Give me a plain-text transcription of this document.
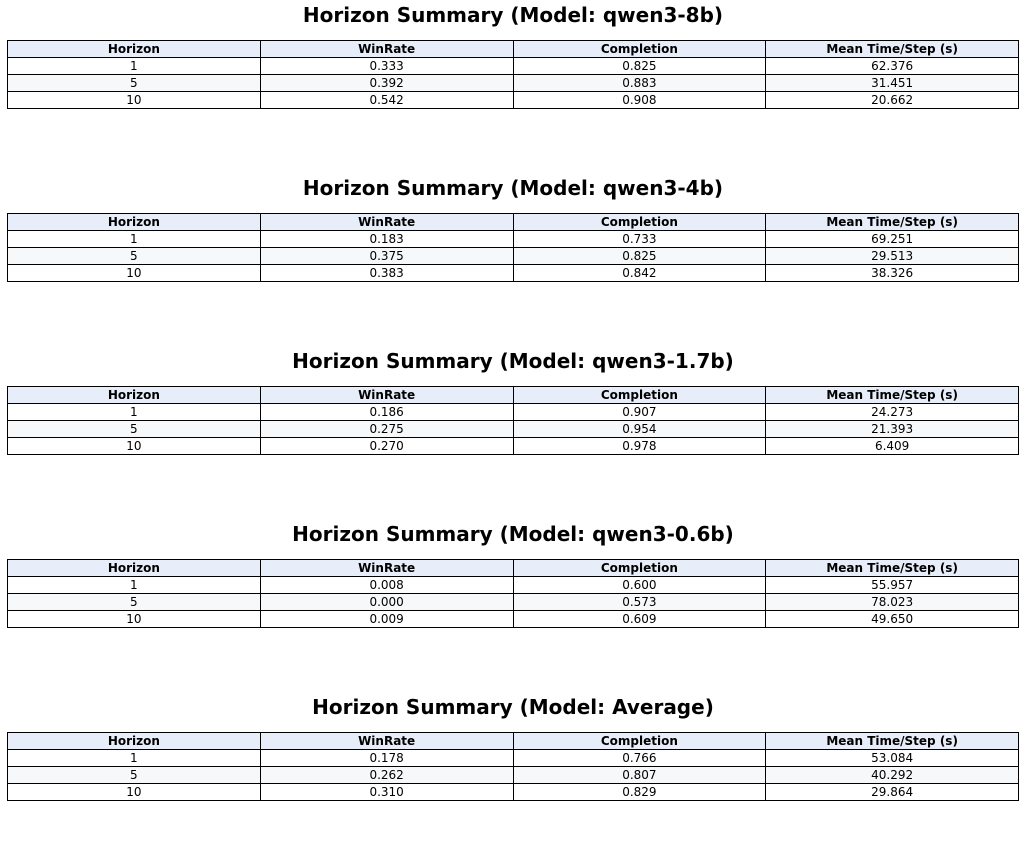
Horizon Summary (Model: qwen3-8b)
Horizon	WinRate	Completion	Mean Time/Step (s)
1	0.333	0.825	62.376
5	0.392	0.883	31.451
10	0.542	0.908	20.662
Horizon Summary (Model: qwen3-4b)
Horizon	WinRate	Completion	Mean Time/Step (s)
1	0.183	0.733	69.251
5	0.375	0.825	29.513
10	0.383	0.842	38.326
Horizon Summary (Model: qwen3-1.7b)
Horizon	WinRate	Completion	Mean Time/Step (s)
1	0.186	0.907	24.273
5	0.275	0.954	21.393
10	0.270	0.978	6.409
Horizon Summary (Model: qwen3-0.6b)
Horizon	WinRate	Completion	Mean Time/Step (s)
1	0.008	0.600	55.957
5	0.000	0.573	78.023
10	0.009	0.609	49.650
Horizon Summary (Model: Average)
Horizon	WinRate	Completion	Mean Time/Step (s)
1	0.178	0.766	53.084
5	0.262	0.807	40.292
10	0.310	0.829	29.864
